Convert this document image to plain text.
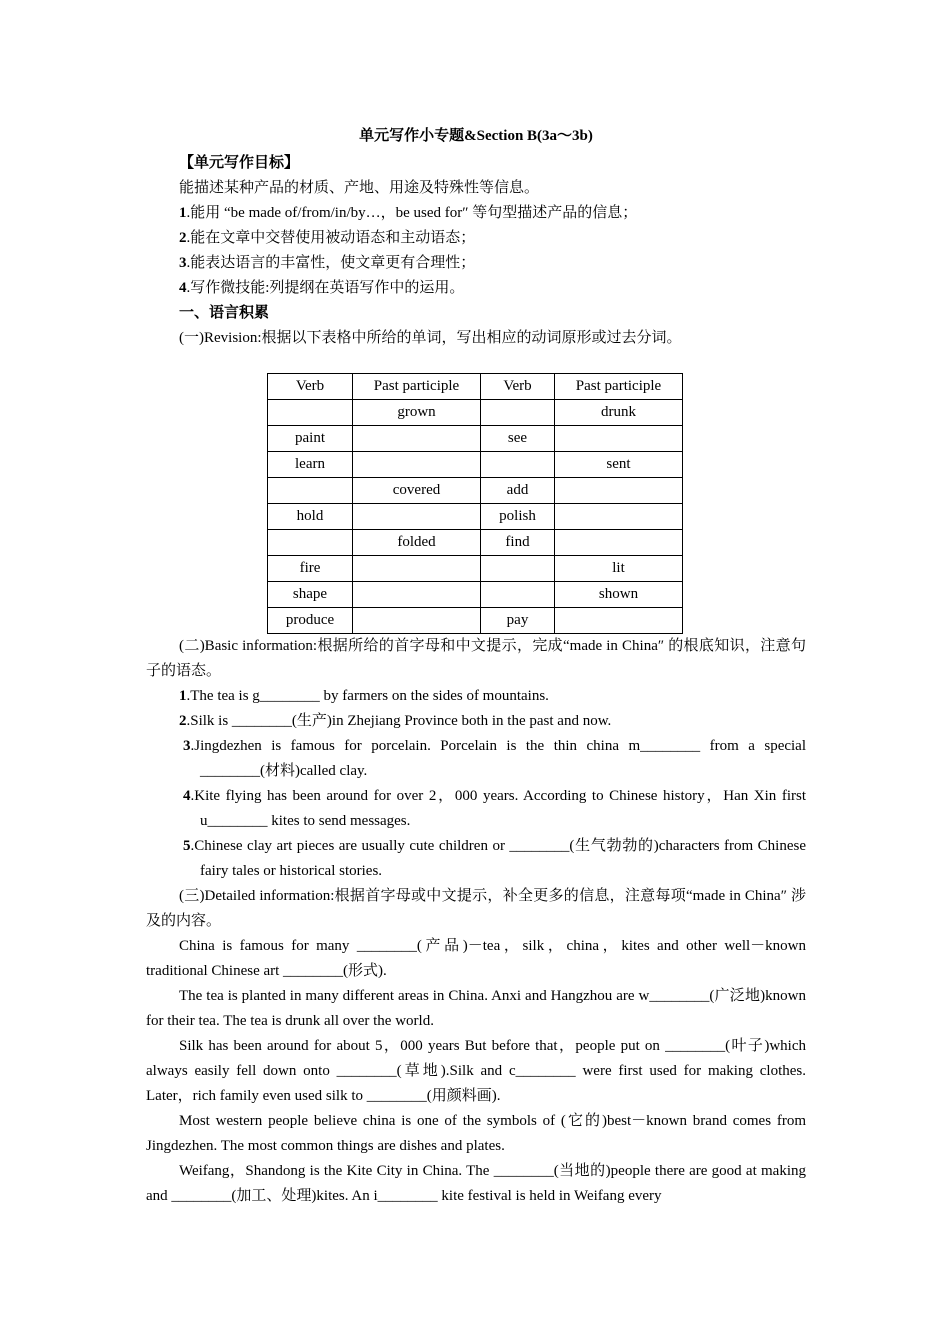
单元写作小专题&Section B(3a～3b)

【单元写作目标】

能描述某种产品的材质、产地、用途及特殊性等信息。

1.能用 “be made of/from/in/by…，be used for″ 等句型描述产品的信息；

2.能在文章中交替使用被动语态和主动语态；

3.能表达语言的丰富性，使文章更有合理性；

4.写作微技能:列提纲在英语写作中的运用。

一、语言积累

(一)Revision:根据以下表格中所给的单词，写出相应的动词原形或过去分词。

Verb	Past participle	Verb	Past participle
	grown		drunk
paint		see	
learn			sent
	covered	add	
hold		polish	
	folded	find	
fire			lit
shape			shown
produce		pay	

(二)Basic information:根据所给的首字母和中文提示，完成“made in China″ 的根底知识，注意句子的语态。

1.The tea is g________ by farmers on the sides of mountains.

2.Silk is ________(生产)in Zhejiang Province both in the past and now.

3.Jingdezhen is famous for porcelain. Porcelain is the thin china m________ from a special ________(材料)called clay.

4.Kite flying has been around for over 2，000 years. According to Chinese history，Han Xin first u________ kites to send messages.

5.Chinese clay art pieces are usually cute children or ________(生气勃勃的)characters from Chinese fairy tales or historical stories.

(三)Detailed information:根据首字母或中文提示，补全更多的信息，注意每项“made in China″ 涉及的内容。

China is famous for many ________(产品)－tea，silk，china，kites and other well－known traditional Chinese art ________(形式).

The tea is planted in many different areas in China. Anxi and Hangzhou are w________(广泛地)known for their tea. The tea is drunk all over the world.

Silk has been around for about 5，000 years But before that，people put on ________(叶子)which always easily fell down onto ________(草地).Silk and c________ were first used for making clothes. Later，rich family even used silk to ________(用颜料画).

Most western people believe china is one of the symbols of (它的)best－known brand comes from Jingdezhen. The most common things are dishes and plates.

Weifang，Shandong is the Kite City in China. The ________(当地的)people there are good at making and ________(加工、处理)kites. An i________ kite festival is held in Weifang every
